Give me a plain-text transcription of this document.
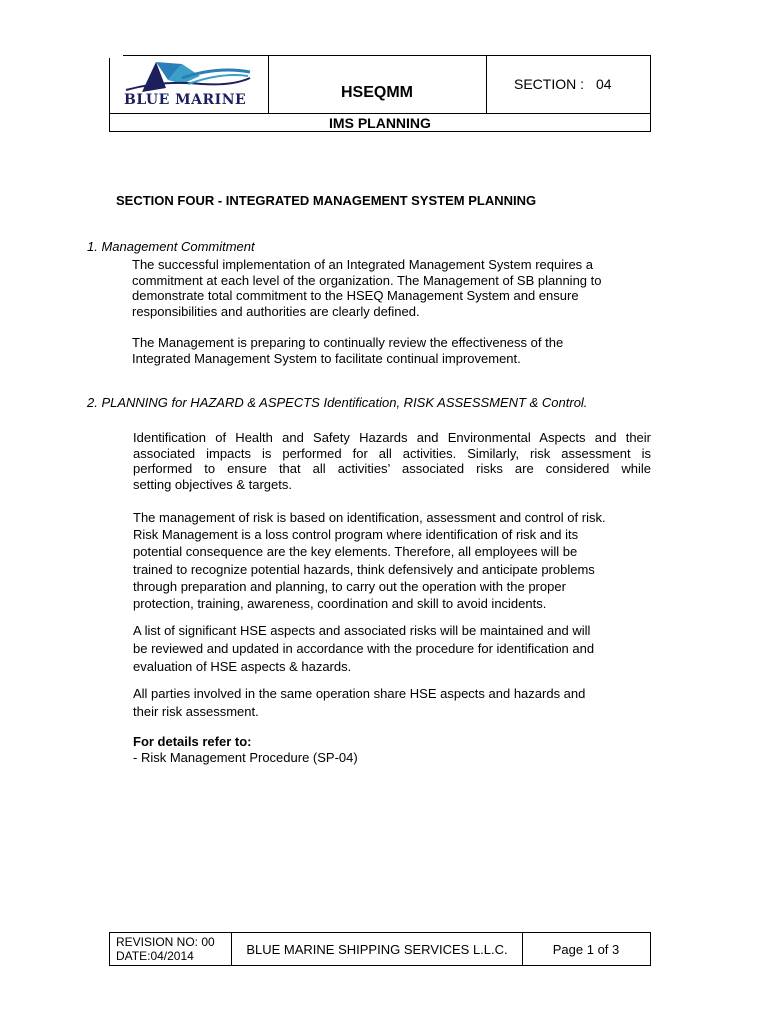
BLUE MARINE	HSEQMM	SECTION : 04
IMS PLANNING
SECTION FOUR - INTEGRATED MANAGEMENT SYSTEM PLANNING
1. Management Commitment
The successful implementation of an Integrated Management System requires a
commitment at each level of the organization. The Management of SB planning to
demonstrate total commitment to the HSEQ Management System and ensure
responsibilities and authorities are clearly defined.
The Management is preparing to continually review the effectiveness of the
Integrated Management System to facilitate continual improvement.
2. PLANNING for HAZARD & ASPECTS Identification, RISK ASSESSMENT & Control.
Identification of Health and Safety Hazards and Environmental Aspects and their
associated impacts is performed for all activities. Similarly, risk assessment is
performed to ensure that all activities’ associated risks are considered while
setting objectives & targets.
The management of risk is based on identification, assessment and control of risk.
Risk Management is a loss control program where identification of risk and its
potential consequence are the key elements. Therefore, all employees will be
trained to recognize potential hazards, think defensively and anticipate problems
through preparation and planning, to carry out the operation with the proper
protection, training, awareness, coordination and skill to avoid incidents.
A list of significant HSE aspects and associated risks will be maintained and will
be reviewed and updated in accordance with the procedure for identification and
evaluation of HSE aspects & hazards.
All parties involved in the same operation share HSE aspects and hazards and
their risk assessment.
For details refer to:
- Risk Management Procedure (SP-04)
REVISION NO: 00
DATE:04/2014	BLUE MARINE SHIPPING SERVICES L.L.C.	Page 1 of 3
